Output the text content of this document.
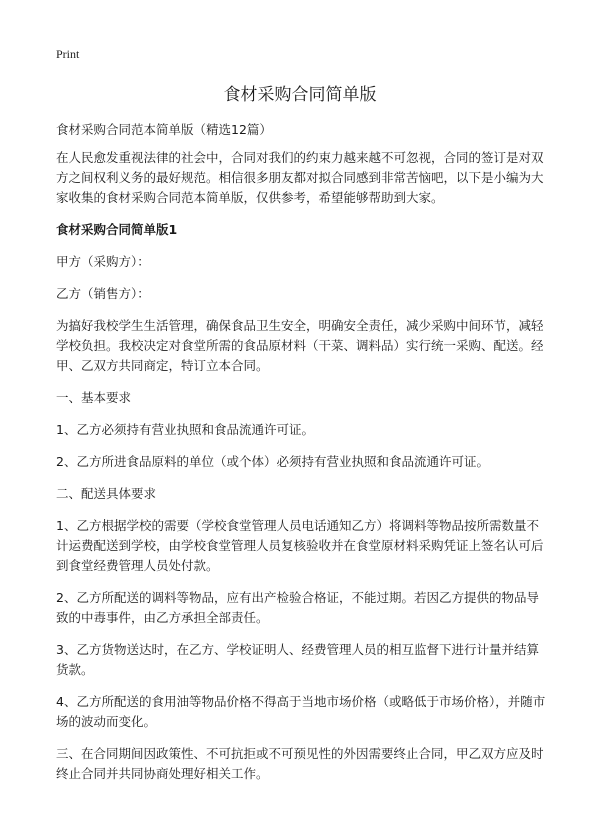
Print
食材采购合同简单版

食材采购合同范本简单版（精选12篇）

在人民愈发重视法律的社会中，合同对我们的约束力越来越不可忽视，合同的签订是对双方之间权利义务的最好规范。相信很多朋友都对拟合同感到非常苦恼吧，以下是小编为大家收集的食材采购合同范本简单版，仅供参考，希望能够帮助到大家。

食材采购合同简单版1

甲方（采购方）：

乙方（销售方）：

为搞好我校学生生活管理，确保食品卫生安全，明确安全责任，减少采购中间环节，减轻学校负担。我校决定对食堂所需的食品原材料（干菜、调料品）实行统一采购、配送。经甲、乙双方共同商定，特订立本合同。

一、基本要求

1、乙方必须持有营业执照和食品流通许可证。

2、乙方所进食品原料的单位（或个体）必须持有营业执照和食品流通许可证。

二、配送具体要求

1、乙方根据学校的需要（学校食堂管理人员电话通知乙方）将调料等物品按所需数量不计运费配送到学校，由学校食堂管理人员复核验收并在食堂原材料采购凭证上签名认可后到食堂经费管理人员处付款。

2、乙方所配送的调料等物品，应有出产检验合格证，不能过期。若因乙方提供的物品导致的中毒事件，由乙方承担全部责任。

3、乙方货物送达时，在乙方、学校证明人、经费管理人员的相互监督下进行计量并结算货款。

4、乙方所配送的食用油等物品价格不得高于当地市场价格（或略低于市场价格），并随市场的波动而变化。

三、在合同期间因政策性、不可抗拒或不可预见性的外因需要终止合同，甲乙双方应及时终止合同并共同协商处理好相关工作。
